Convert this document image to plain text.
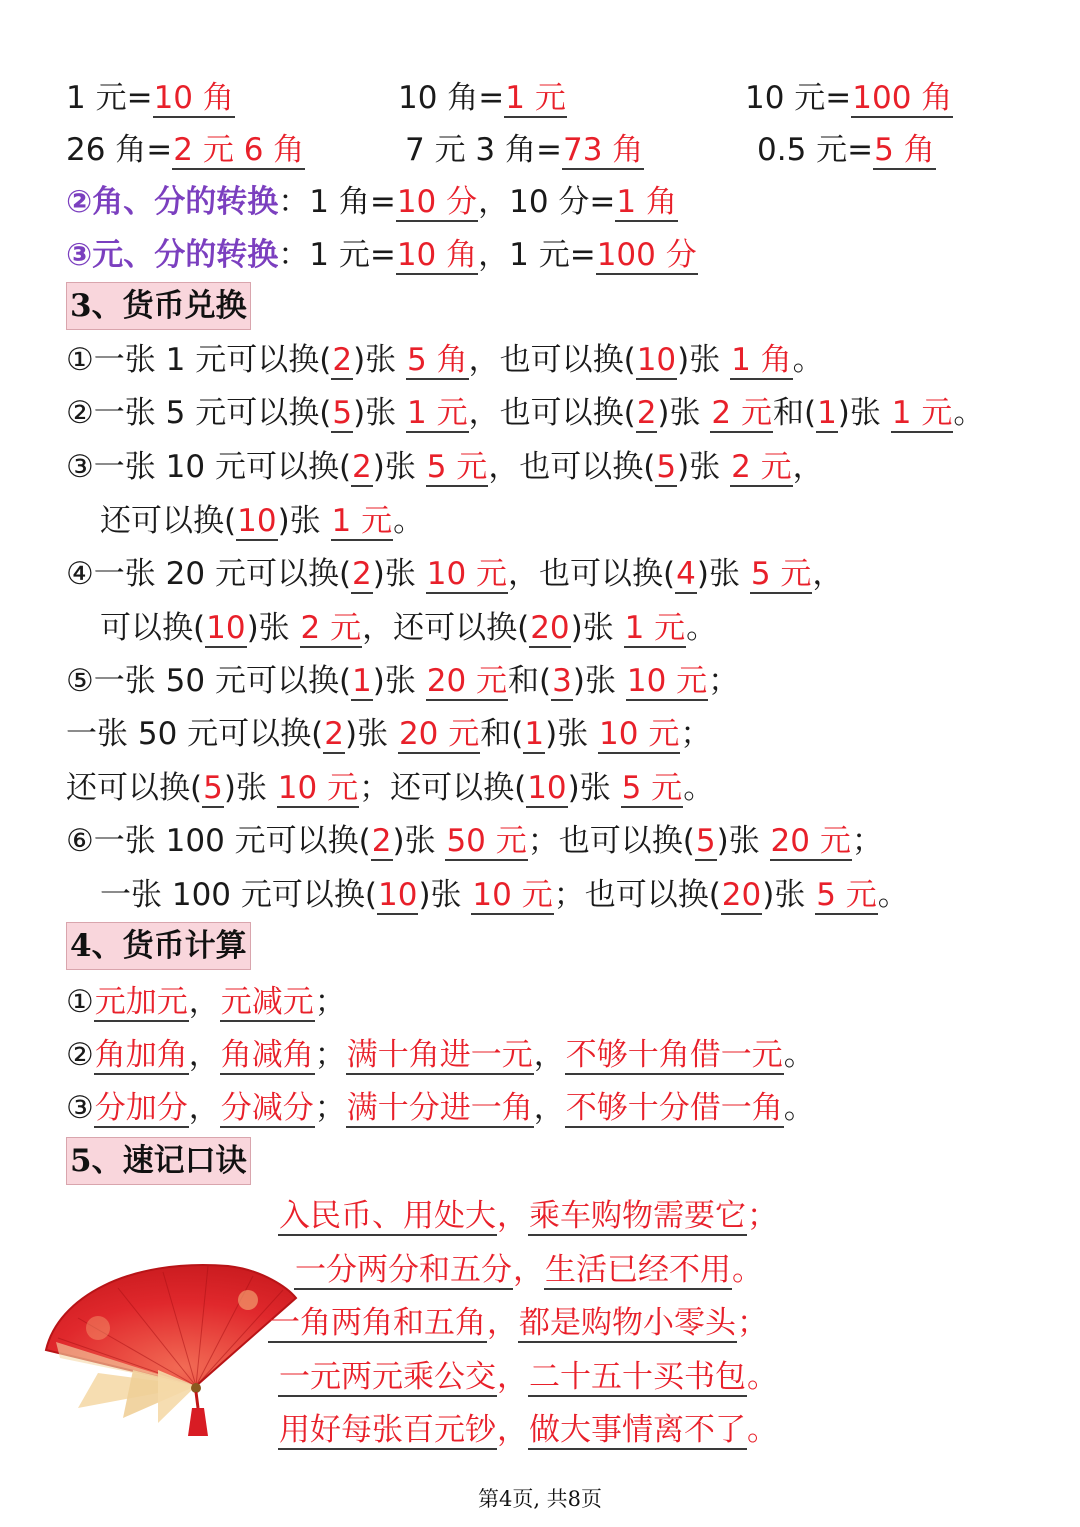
1 元=10 角	10 角=1 元	10 元=100 角
26 角=2 元 6 角	7 元 3 角=73 角	0.5 元=5 角
②角、分的转换：1 角=10 分，10 分=1 角
③元、分的转换：1 元=10 角，1 元=100 分
3、货币兑换
①一张 1 元可以换(2)张 5 角，也可以换(10)张 1 角。
②一张 5 元可以换(5)张 1 元，也可以换(2)张 2 元和(1)张 1 元。
③一张 10 元可以换(2)张 5 元，也可以换(5)张 2 元，
还可以换(10)张 1 元。
④一张 20 元可以换(2)张 10 元，也可以换(4)张 5 元，
可以换(10)张 2 元，还可以换(20)张 1 元。
⑤一张 50 元可以换(1)张 20 元和(3)张 10 元；
一张 50 元可以换(2)张 20 元和(1)张 10 元；
还可以换(5)张 10 元；还可以换(10)张 5 元。
⑥一张 100 元可以换(2)张 50 元；也可以换(5)张 20 元；
一张 100 元可以换(10)张 10 元；也可以换(20)张 5 元。
4、货币计算
①元加元，元减元；
②角加角，角减角；满十角进一元，不够十角借一元。
③分加分，分减分；满十分进一角，不够十分借一角。
5、速记口诀
入民币、用处大，乘车购物需要它；
一分两分和五分，生活已经不用。
一角两角和五角，都是购物小零头；
一元两元乘公交，二十五十买书包。
用好每张百元钞，做大事情离不了。
第4页, 共8页
